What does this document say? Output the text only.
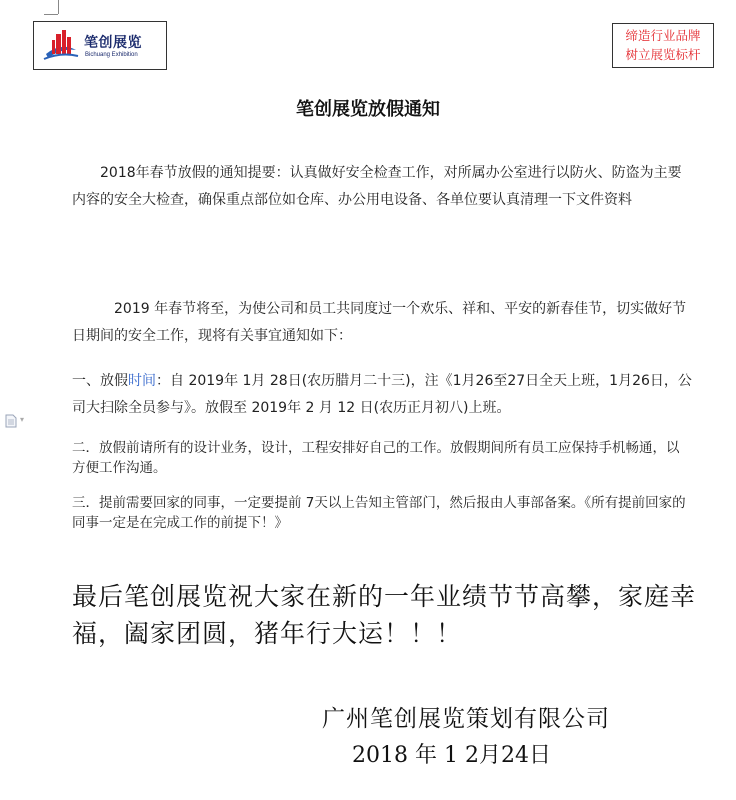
笔创展览
Bichuang Exhibition
缔造行业品牌
树立展览标杆
笔创展览放假通知
2018年春节放假的通知提要：认真做好安全检查工作，对所属办公室进行以防火、防盗为主要内容的安全大检查，确保重点部位如仓库、办公用电设备、各单位要认真清理一下文件资料
2019 年春节将至，为使公司和员工共同度过一个欢乐、祥和、平安的新春佳节，切实做好节日期间的安全工作，现将有关事宜通知如下：
一、放假时间：自 2019年 1月 28日(农历腊月二十三)，注《1月26至27日全天上班，1月26日，公司大扫除全员参与》。放假至 2019年 2 月 12 日(农历正月初八)上班。
▾
二．放假前请所有的设计业务，设计，工程安排好自己的工作。放假期间所有员工应保持手机畅通，以方便工作沟通。
三．提前需要回家的同事，一定要提前 7天以上告知主管部门，然后报由人事部备案。《所有提前回家的同事一定是在完成工作的前提下！》
最后笔创展览祝大家在新的一年业绩节节高攀，家庭幸福，阖家团圆，猪年行大运！！！
广州笔创展览策划有限公司
2018 年 1 2月24日
